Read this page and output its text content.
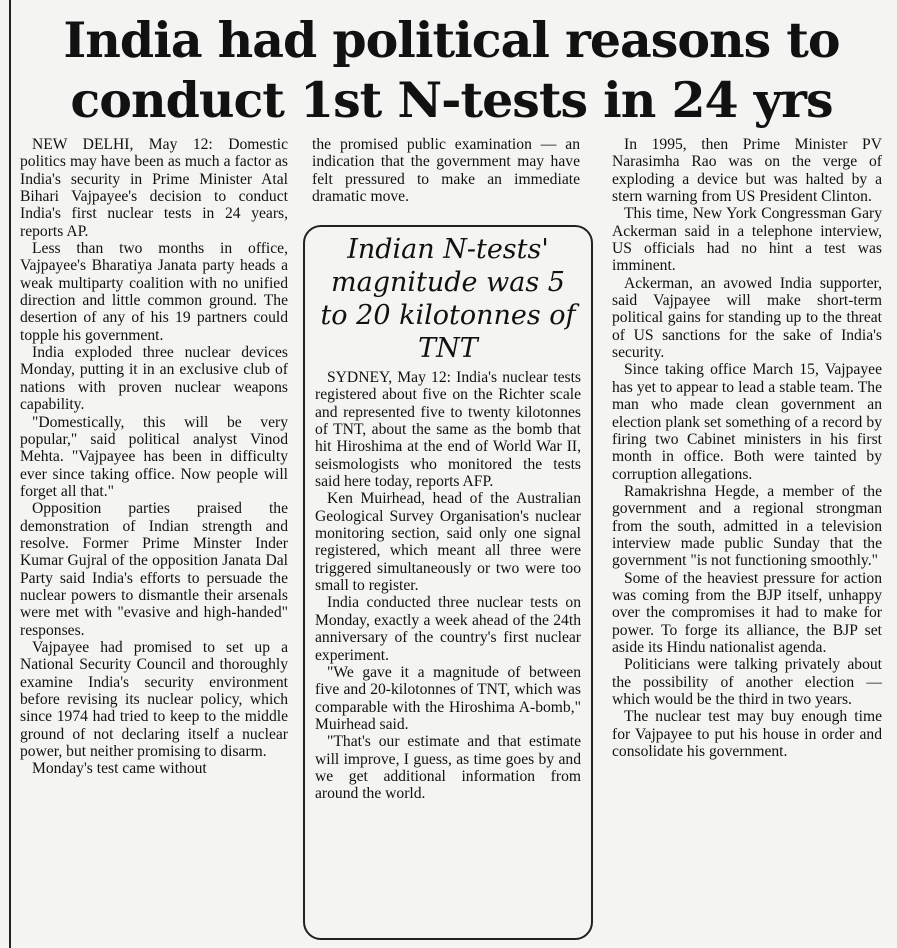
India had political reasons to conduct 1st N-tests in 24 yrs

NEW DELHI, May 12: Domestic politics may have been as much a factor as India's security in Prime Minister Atal Bihari Vajpayee's decision to conduct India's first nuclear tests in 24 years, reports AP.

Less than two months in office, Vajpayee's Bharatiya Janata party heads a weak multiparty coalition with no unified direction and little common ground. The desertion of any of his 19 partners could topple his government.

India exploded three nuclear devices Monday, putting it in an exclusive club of nations with proven nuclear weapons capability.

"Domestically, this will be very popular," said political analyst Vinod Mehta. "Vajpayee has been in difficulty ever since taking office. Now people will forget all that."

Opposition parties praised the demonstration of Indian strength and resolve. Former Prime Minster Inder Kumar Gujral of the opposition Janata Dal Party said India's efforts to persuade the nuclear powers to dismantle their arsenals were met with "evasive and high-handed" responses.

Vajpayee had promised to set up a National Security Council and thoroughly examine India's security environment before revising its nuclear policy, which since 1974 had tried to keep to the middle ground of not declaring itself a nuclear power, but neither promising to disarm.

Monday's test came without

the promised public examination — an indication that the government may have felt pressured to make an immediate dramatic move.

Indian N-tests' magnitude was 5 to 20 kilotonnes of TNT

SYDNEY, May 12: India's nuclear tests registered about five on the Richter scale and represented five to twenty kilotonnes of TNT, about the same as the bomb that hit Hiroshima at the end of World War II, seismologists who monitored the tests said here today, reports AFP.

Ken Muirhead, head of the Australian Geological Survey Organisation's nuclear monitoring section, said only one signal registered, which meant all three were triggered simultaneously or two were too small to register.

India conducted three nuclear tests on Monday, exactly a week ahead of the 24th anniversary of the country's first nuclear experiment.

"We gave it a magnitude of between five and 20-kilotonnes of TNT, which was comparable with the Hiroshima A-bomb," Muirhead said.

"That's our estimate and that estimate will improve, I guess, as time goes by and we get additional information from around the world.

In 1995, then Prime Minister PV Narasimha Rao was on the verge of exploding a device but was halted by a stern warning from US President Clinton.

This time, New York Congressman Gary Ackerman said in a telephone interview, US officials had no hint a test was imminent.

Ackerman, an avowed India supporter, said Vajpayee will make short-term political gains for standing up to the threat of US sanctions for the sake of India's security.

Since taking office March 15, Vajpayee has yet to appear to lead a stable team. The man who made clean government an election plank set something of a record by firing two Cabinet ministers in his first month in office. Both were tainted by corruption allegations.

Ramakrishna Hegde, a member of the government and a regional strongman from the south, admitted in a television interview made public Sunday that the government "is not functioning smoothly."

Some of the heaviest pressure for action was coming from the BJP itself, unhappy over the compromises it had to make for power. To forge its alliance, the BJP set aside its Hindu nationalist agenda.

Politicians were talking privately about the possibility of another election — which would be the third in two years.

The nuclear test may buy enough time for Vajpayee to put his house in order and consolidate his government.
